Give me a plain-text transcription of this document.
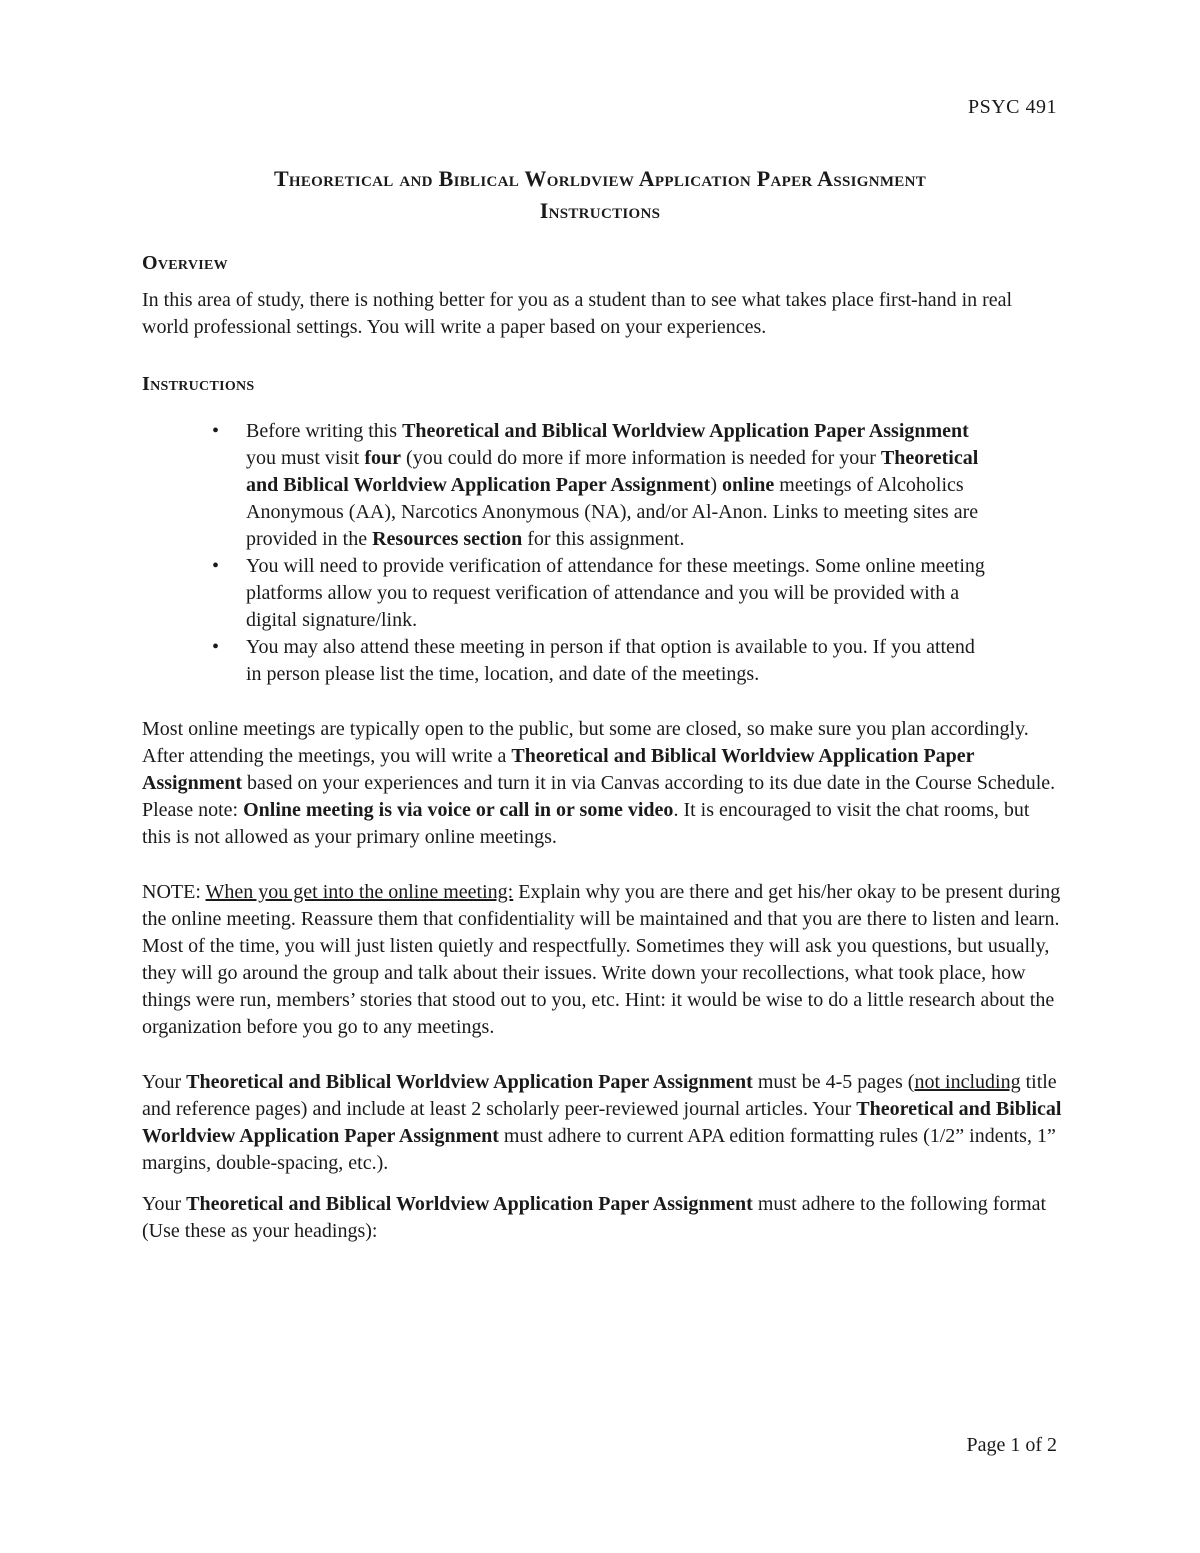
PSYC 491
Theoretical and Biblical Worldview Application Paper Assignment
Instructions
Overview

In this area of study, there is nothing better for you as a student than to see what takes place first-hand in real world professional settings. You will write a paper based on your experiences.

Instructions
• Before writing this Theoretical and Biblical Worldview Application Paper Assignment you must visit four (you could do more if more information is needed for your Theoretical and Biblical Worldview Application Paper Assignment) online meetings of Alcoholics Anonymous (AA), Narcotics Anonymous (NA), and/or Al-Anon. Links to meeting sites are provided in the Resources section for this assignment.
• You will need to provide verification of attendance for these meetings. Some online meeting platforms allow you to request verification of attendance and you will be provided with a digital signature/link.
• You may also attend these meeting in person if that option is available to you. If you attend in person please list the time, location, and date of the meetings.

Most online meetings are typically open to the public, but some are closed, so make sure you plan accordingly. After attending the meetings, you will write a Theoretical and Biblical Worldview Application Paper Assignment based on your experiences and turn it in via Canvas according to its due date in the Course Schedule. Please note: Online meeting is via voice or call in or some video. It is encouraged to visit the chat rooms, but this is not allowed as your primary online meetings.

NOTE: When you get into the online meeting: Explain why you are there and get his/her okay to be present during the online meeting. Reassure them that confidentiality will be maintained and that you are there to listen and learn. Most of the time, you will just listen quietly and respectfully. Sometimes they will ask you questions, but usually, they will go around the group and talk about their issues. Write down your recollections, what took place, how things were run, members’ stories that stood out to you, etc. Hint: it would be wise to do a little research about the organization before you go to any meetings.

Your Theoretical and Biblical Worldview Application Paper Assignment must be 4-5 pages (not including title and reference pages) and include at least 2 scholarly peer-reviewed journal articles. Your Theoretical and Biblical Worldview Application Paper Assignment must adhere to current APA edition formatting rules (1/2” indents, 1” margins, double-spacing, etc.).

Your Theoretical and Biblical Worldview Application Paper Assignment must adhere to the following format (Use these as your headings):

Page 1 of 2
